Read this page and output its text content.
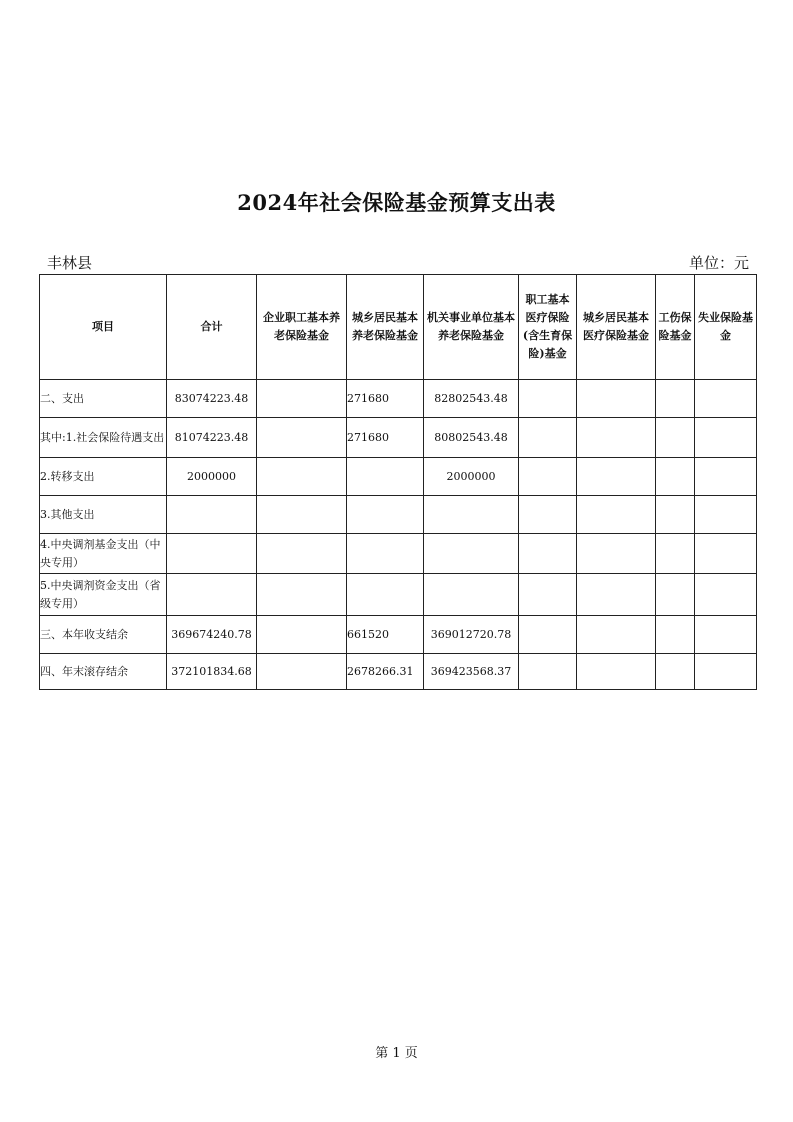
2024年社会保险基金预算支出表
丰林县	单位：元
项目	合计	企业职工基本养老保险基金	城乡居民基本养老保险基金	机关事业单位基本养老保险基金	职工基本医疗保险(含生育保险)基金	城乡居民基本医疗保险基金	工伤保险基金	失业保险基金

二、支出	83074223.48		271680	82802543.48				
其中:1.社会保险待遇支出	81074223.48		271680	80802543.48				
2.转移支出	2000000			2000000				
3.其他支出								
4.中央调剂基金支出（中央专用）								
5.中央调剂资金支出（省级专用）								
三、本年收支结余	369674240.78		661520	369012720.78				
四、年末滚存结余	372101834.68		2678266.31	369423568.37				
第 1 页
